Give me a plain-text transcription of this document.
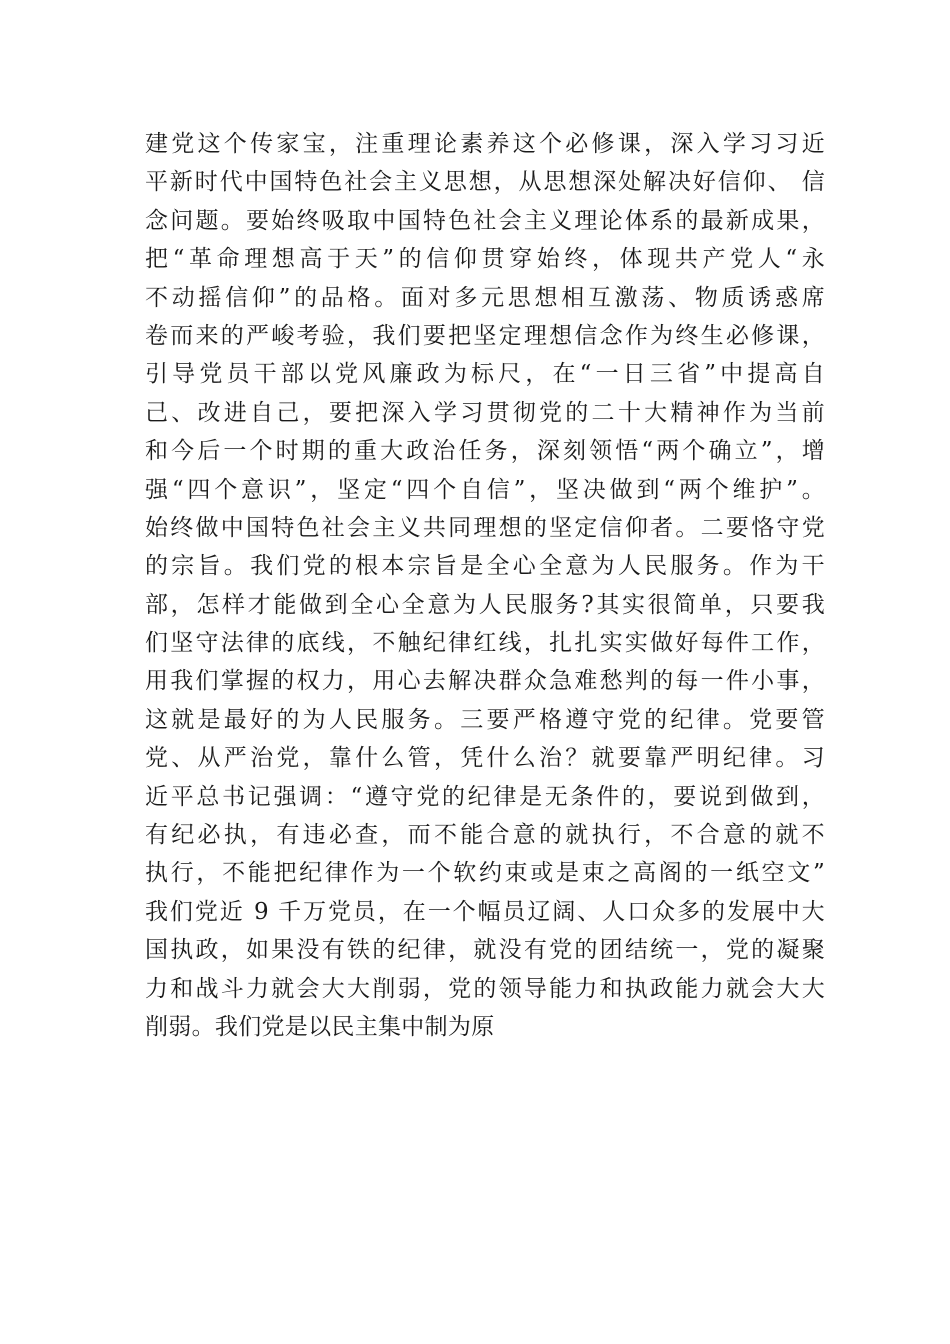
建党这个传家宝，注重理论素养这个必修课，深入学习习近
平新时代中国特色社会主义思想，从思想深处解决好信仰、 信
念问题。要始终吸取中国特色社会主义理论体系的最新成果，
把“革命理想高于天”的信仰贯穿始终，体现共产党人“永
不动摇信仰”的品格。面对多元思想相互激荡、物质诱惑席
卷而来的严峻考验，我们要把坚定理想信念作为终生必修课，
引导党员干部以党风廉政为标尺，在“一日三省”中提高自
己、改进自己，要把深入学习贯彻党的二十大精神作为当前
和今后一个时期的重大政治任务，深刻领悟“两个确立”，增
强“四个意识”，坚定“四个自信”，坚决做到“两个维护”。
始终做中国特色社会主义共同理想的坚定信仰者。二要恪守党
的宗旨。我们党的根本宗旨是全心全意为人民服务。作为干
部，怎样才能做到全心全意为人民服务?其实很简单，只要我
们坚守法律的底线，不触纪律红线，扎扎实实做好每件工作，
用我们掌握的权力，用心去解决群众急难愁判的每一件小事，
这就是最好的为人民服务。三要严格遵守党的纪律。党要管
党、从严治党，靠什么管，凭什么治？就要靠严明纪律。习
近平总书记强调：“遵守党的纪律是无条件的，要说到做到，
有纪必执，有违必查，而不能合意的就执行，不合意的就不
执行，不能把纪律作为一个软约束或是束之高阁的一纸空文”
我们党近 9 千万党员，在一个幅员辽阔、人口众多的发展中大
国执政，如果没有铁的纪律，就没有党的团结统一，党的凝聚
力和战斗力就会大大削弱，党的领导能力和执政能力就会大大
削弱。我们党是以民主集中制为原
